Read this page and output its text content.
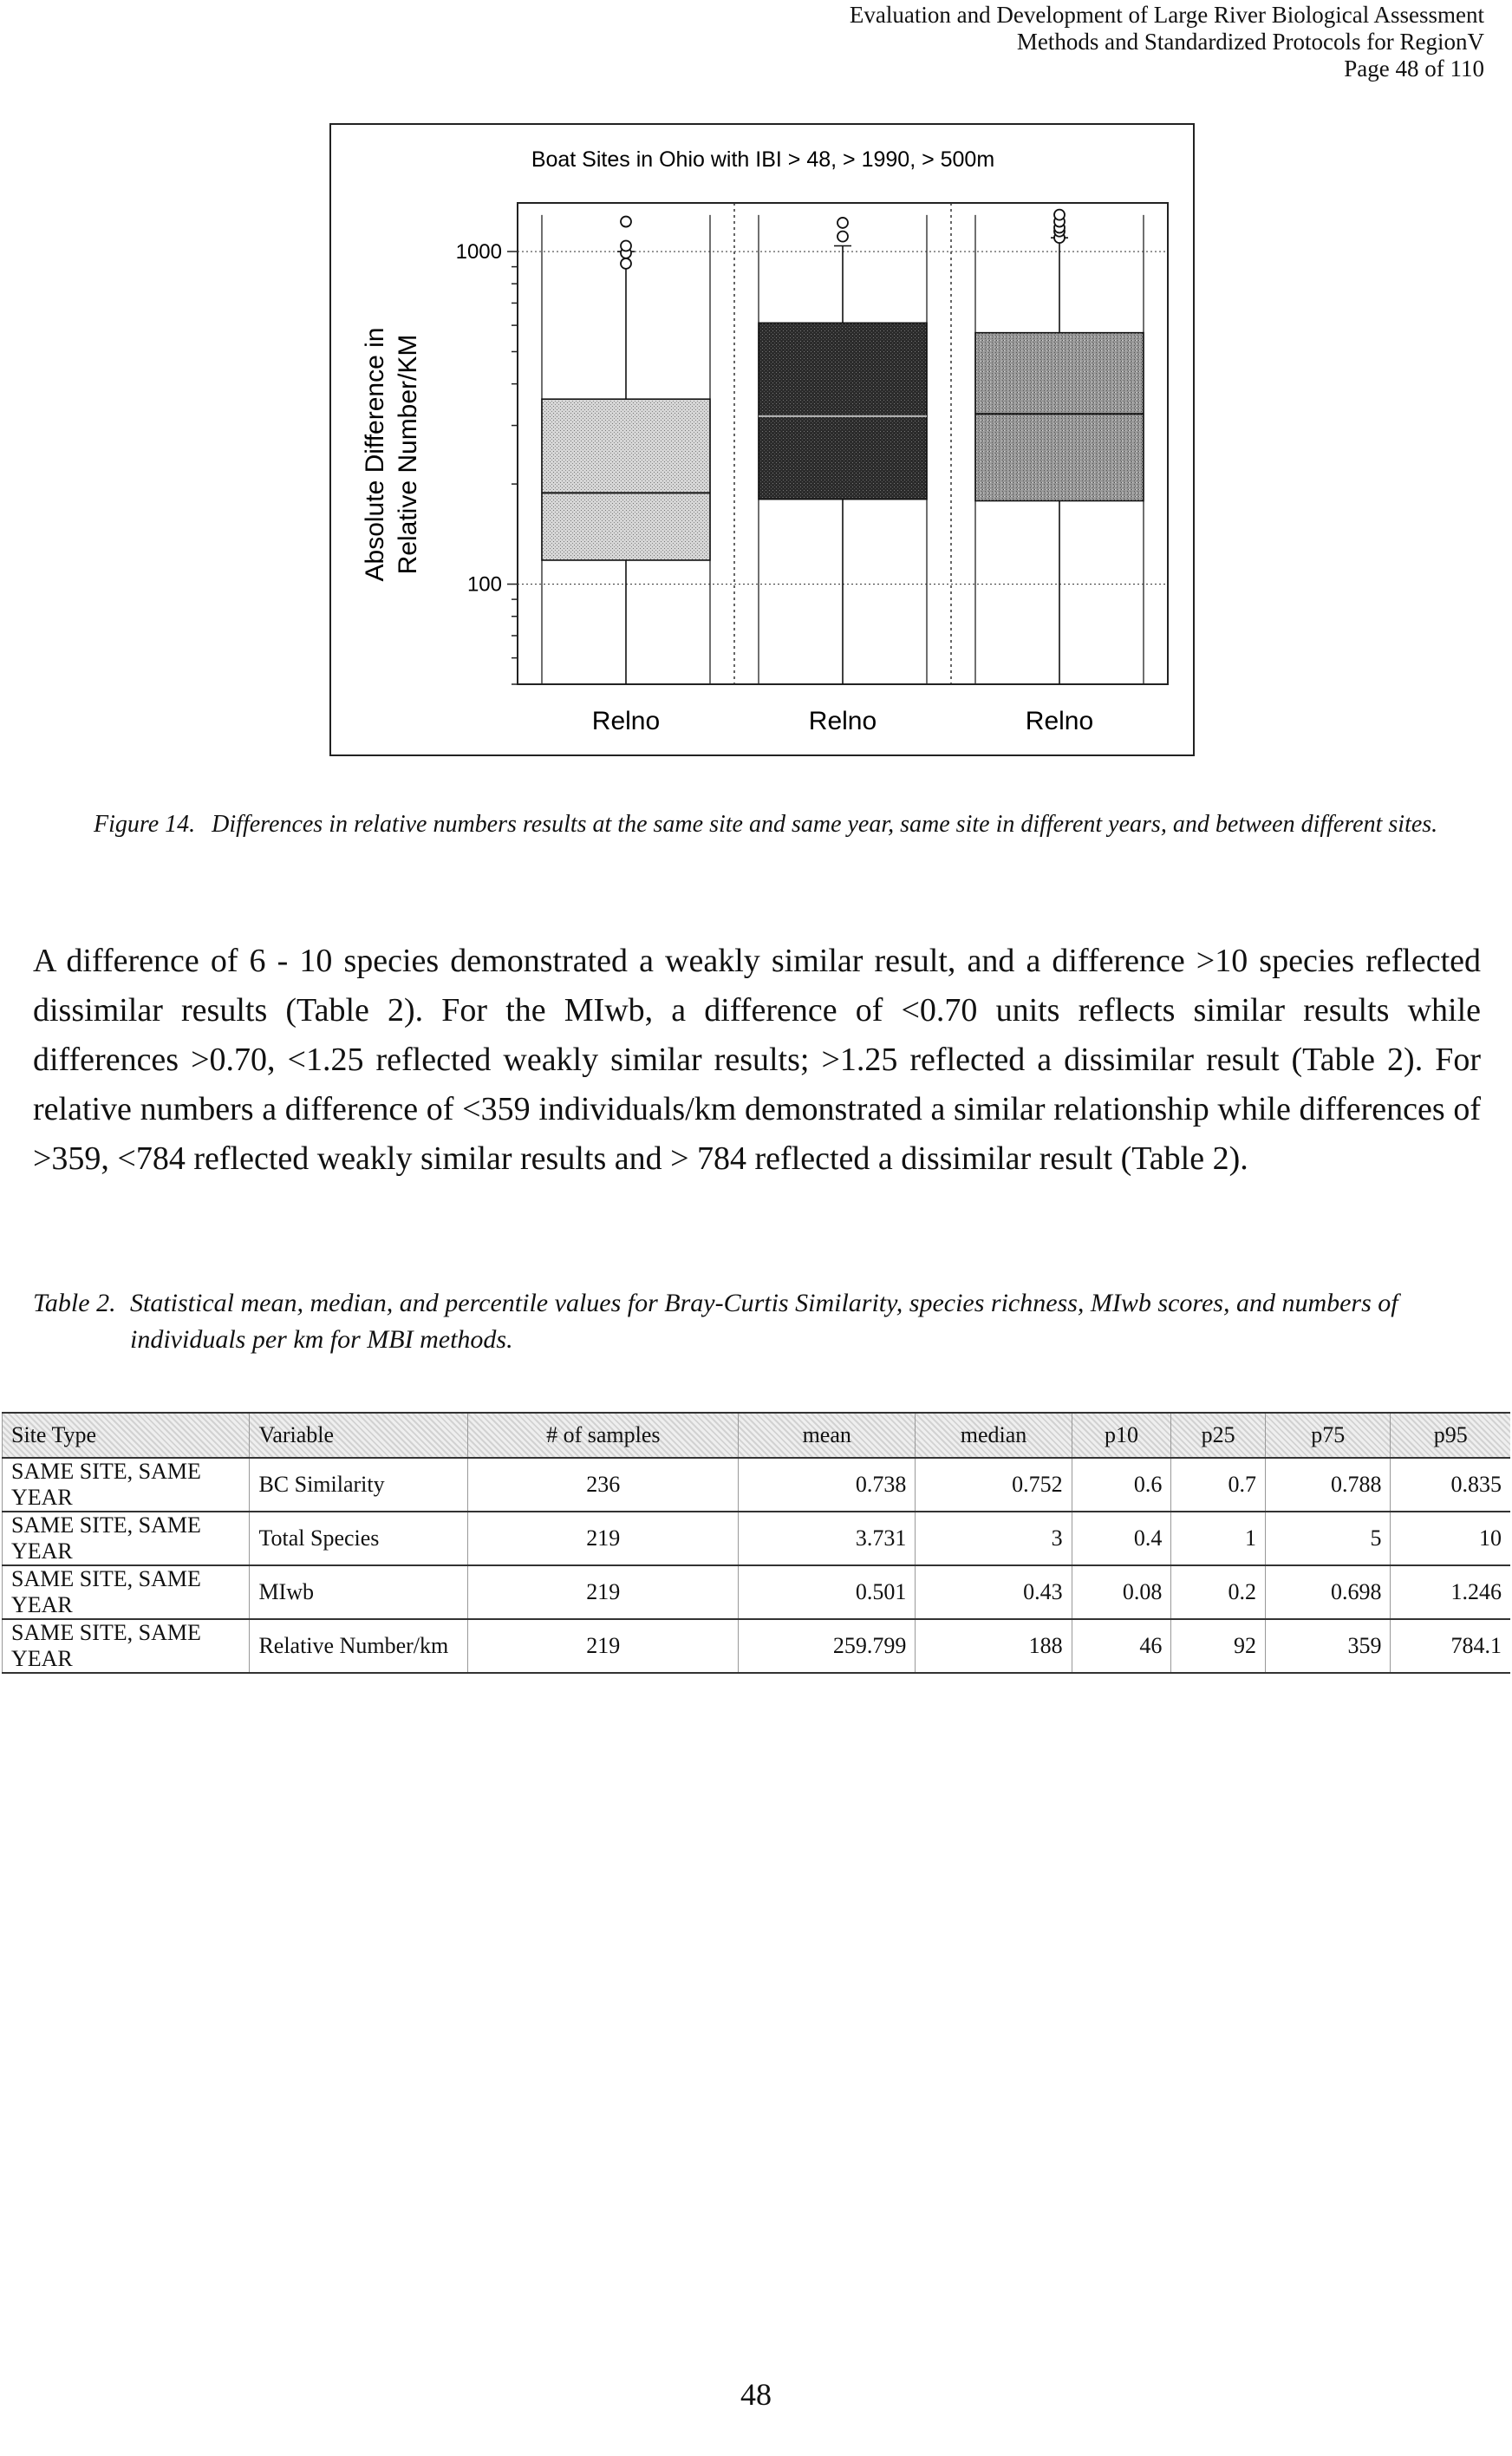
Evaluation and Development of Large River Biological Assessment
Methods and Standardized Protocols for RegionV
Page 48 of 110
Boat Sites in Ohio with IBI > 48, > 1990, > 500m
Absolute Difference in Relative Number/KM
100
1000
Relno	Relno	Relno
Figure 14. Differences in relative numbers results at the same site and same year, same site in different years, and between different sites.
A difference of 6 - 10 species demonstrated a weakly similar result, and a difference >10 species reflected dissimilar results (Table 2). For the MIwb, a difference of <0.70 units reflects similar results while differences >0.70, <1.25 reflected weakly similar results; >1.25 reflected a dissimilar result (Table 2). For relative numbers a difference of <359 individuals/km demonstrated a similar relationship while differences of >359, <784 reflected weakly similar results and > 784 reflected a dissimilar result (Table 2).
Table 2. Statistical mean, median, and percentile values for Bray-Curtis Similarity, species richness, MIwb scores, and numbers of individuals per km for MBI methods.
Site Type	Variable	# of samples	mean	median	p10	p25	p75	p95
SAME SITE, SAME YEAR	BC Similarity	236	0.738	0.752	0.6	0.7	0.788	0.835
SAME SITE, SAME YEAR	Total Species	219	3.731	3	0.4	1	5	10
SAME SITE, SAME YEAR	MIwb	219	0.501	0.43	0.08	0.2	0.698	1.246
SAME SITE, SAME YEAR	Relative Number/km	219	259.799	188	46	92	359	784.1
48
